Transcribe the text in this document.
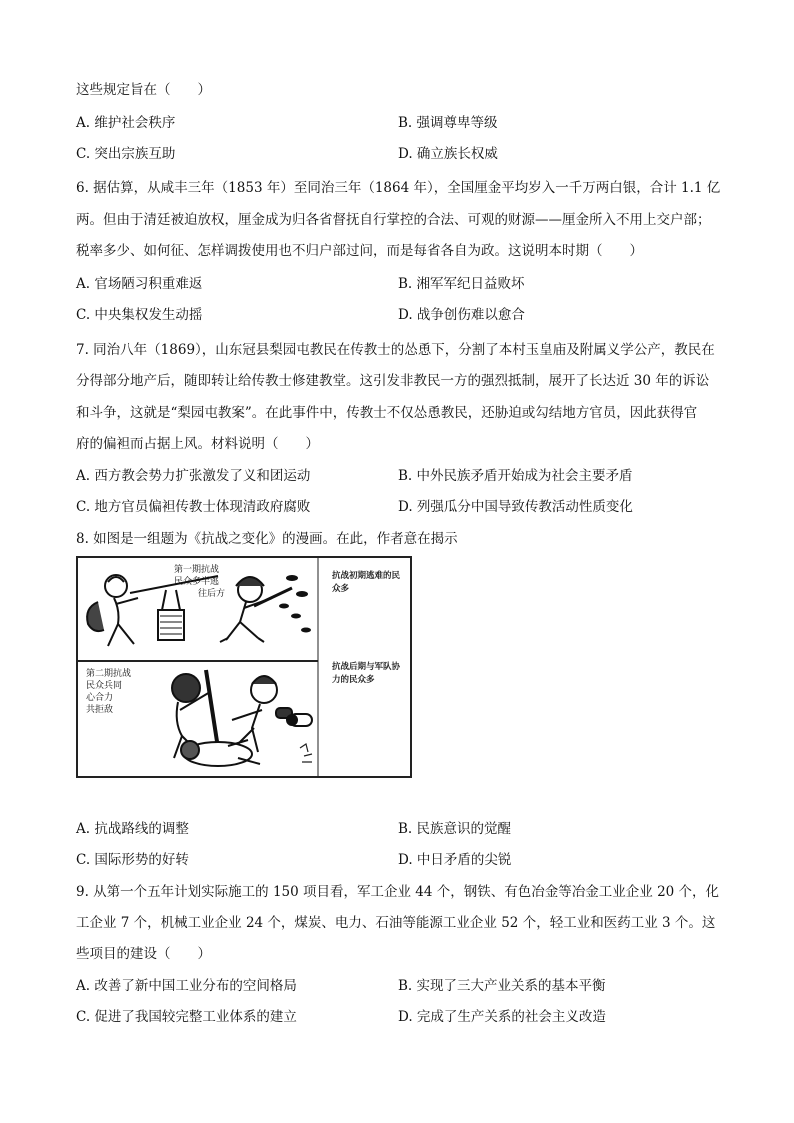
这些规定旨在（　　）
A. 维护社会秩序	B. 强调尊卑等级
C. 突出宗族互助	D. 确立族长权威
6. 据估算，从咸丰三年（1853 年）至同治三年（1864 年），全国厘金平均岁入一千万两白银，合计 1.1 亿
两。但由于清廷被迫放权，厘金成为归各省督抚自行掌控的合法、可观的财源——厘金所入不用上交户部；
税率多少、如何征、怎样调拨使用也不归户部过问，而是每省各自为政。这说明本时期（　　）
A. 官场陋习积重难返	B. 湘军军纪日益败坏
C. 中央集权发生动摇	D. 战争创伤难以愈合
7. 同治八年（1869），山东冠县梨园屯教民在传教士的怂恿下，分割了本村玉皇庙及附属义学公产，教民在
分得部分地产后，随即转让给传教士修建教堂。这引发非教民一方的强烈抵制，展开了长达近 30 年的诉讼
和斗争，这就是“梨园屯教案”。在此事件中，传教士不仅怂恿教民，还胁迫或勾结地方官员，因此获得官
府的偏袒而占据上风。材料说明（　　）
A. 西方教会势力扩张激发了义和团运动	B. 中外民族矛盾开始成为社会主要矛盾
C. 地方官员偏袒传教士体现清政府腐败	D. 列强瓜分中国导致传教活动性质变化
8. 如图是一组题为《抗战之变化》的漫画。在此，作者意在揭示
第一期抗战
民众多半逃
往后方
第二期抗战
民众兵同
心合力
共拒敌
抗战初期逃难的民
众多
抗战后期与军队协
力的民众多
A. 抗战路线的调整	B. 民族意识的觉醒
C. 国际形势的好转	D. 中日矛盾的尖锐
9. 从第一个五年计划实际施工的 150 项目看，军工企业 44 个，钢铁、有色冶金等冶金工业企业 20 个，化
工企业 7 个，机械工业企业 24 个，煤炭、电力、石油等能源工业企业 52 个，轻工业和医药工业 3 个。这
些项目的建设（　　）
A. 改善了新中国工业分布的空间格局	B. 实现了三大产业关系的基本平衡
C. 促进了我国较完整工业体系的建立	D. 完成了生产关系的社会主义改造
